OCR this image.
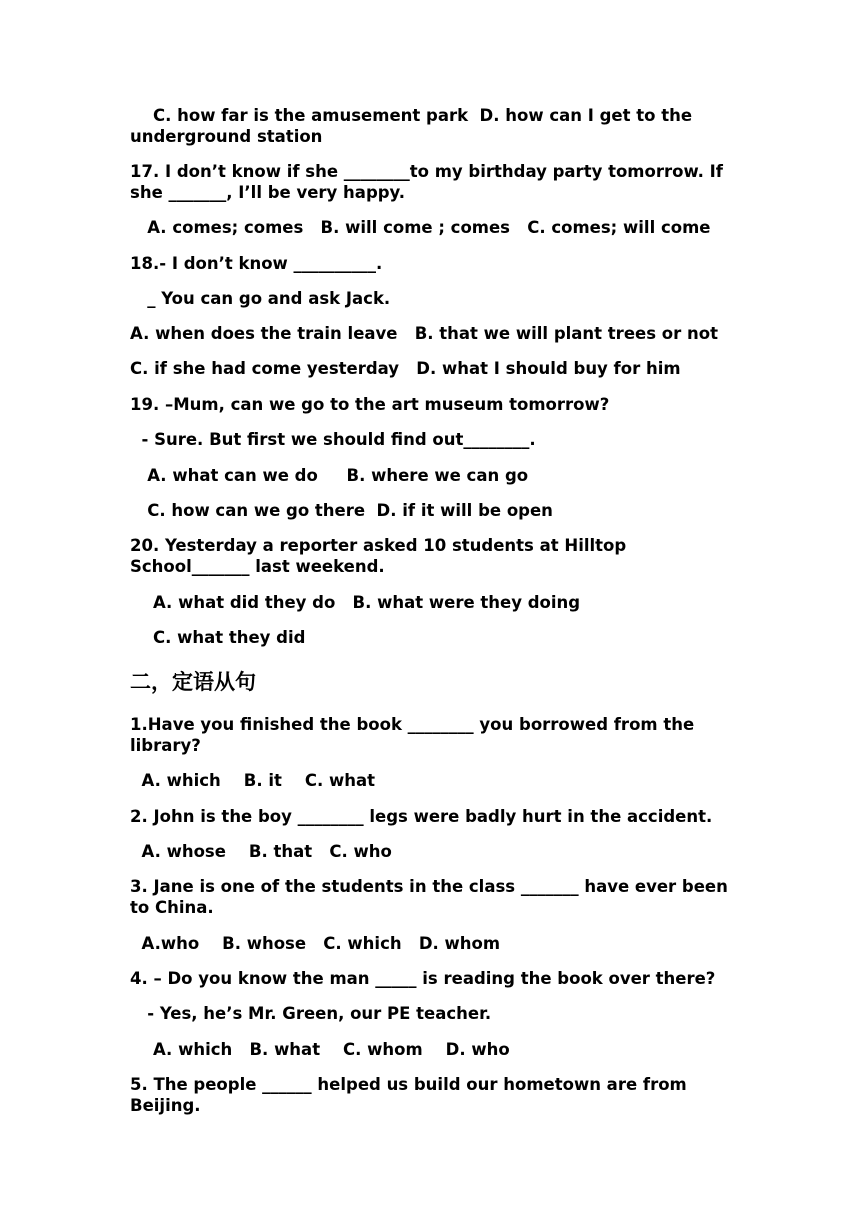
C. how far is the amusement park  D. how can I get to the underground station
17. I don’t know if she ________to my birthday party tomorrow. If she _______, I’ll be very happy.
A. comes; comes   B. will come ; comes   C. comes; will come
18.- I don’t know __________.
_ You can go and ask Jack.
A. when does the train leave   B. that we will plant trees or not
C. if she had come yesterday   D. what I should buy for him
19. –Mum, can we go to the art museum tomorrow?
- Sure. But first we should find out________.
A. what can we do     B. where we can go
C. how can we go there  D. if it will be open
20. Yesterday a reporter asked 10 students at Hilltop School_______ last weekend.
A. what did they do   B. what were they doing
C. what they did
二，定语从句
1.Have you finished the book ________ you borrowed from the library?
A. which    B. it    C. what
2. John is the boy ________ legs were badly hurt in the accident.
A. whose    B. that   C. who
3. Jane is one of the students in the class _______ have ever been to China.
A.who    B. whose   C. which   D. whom
4. – Do you know the man _____ is reading the book over there?
- Yes, he’s Mr. Green, our PE teacher.
A. which   B. what    C. whom    D. who
5. The people ______ helped us build our hometown are from Beijing.
